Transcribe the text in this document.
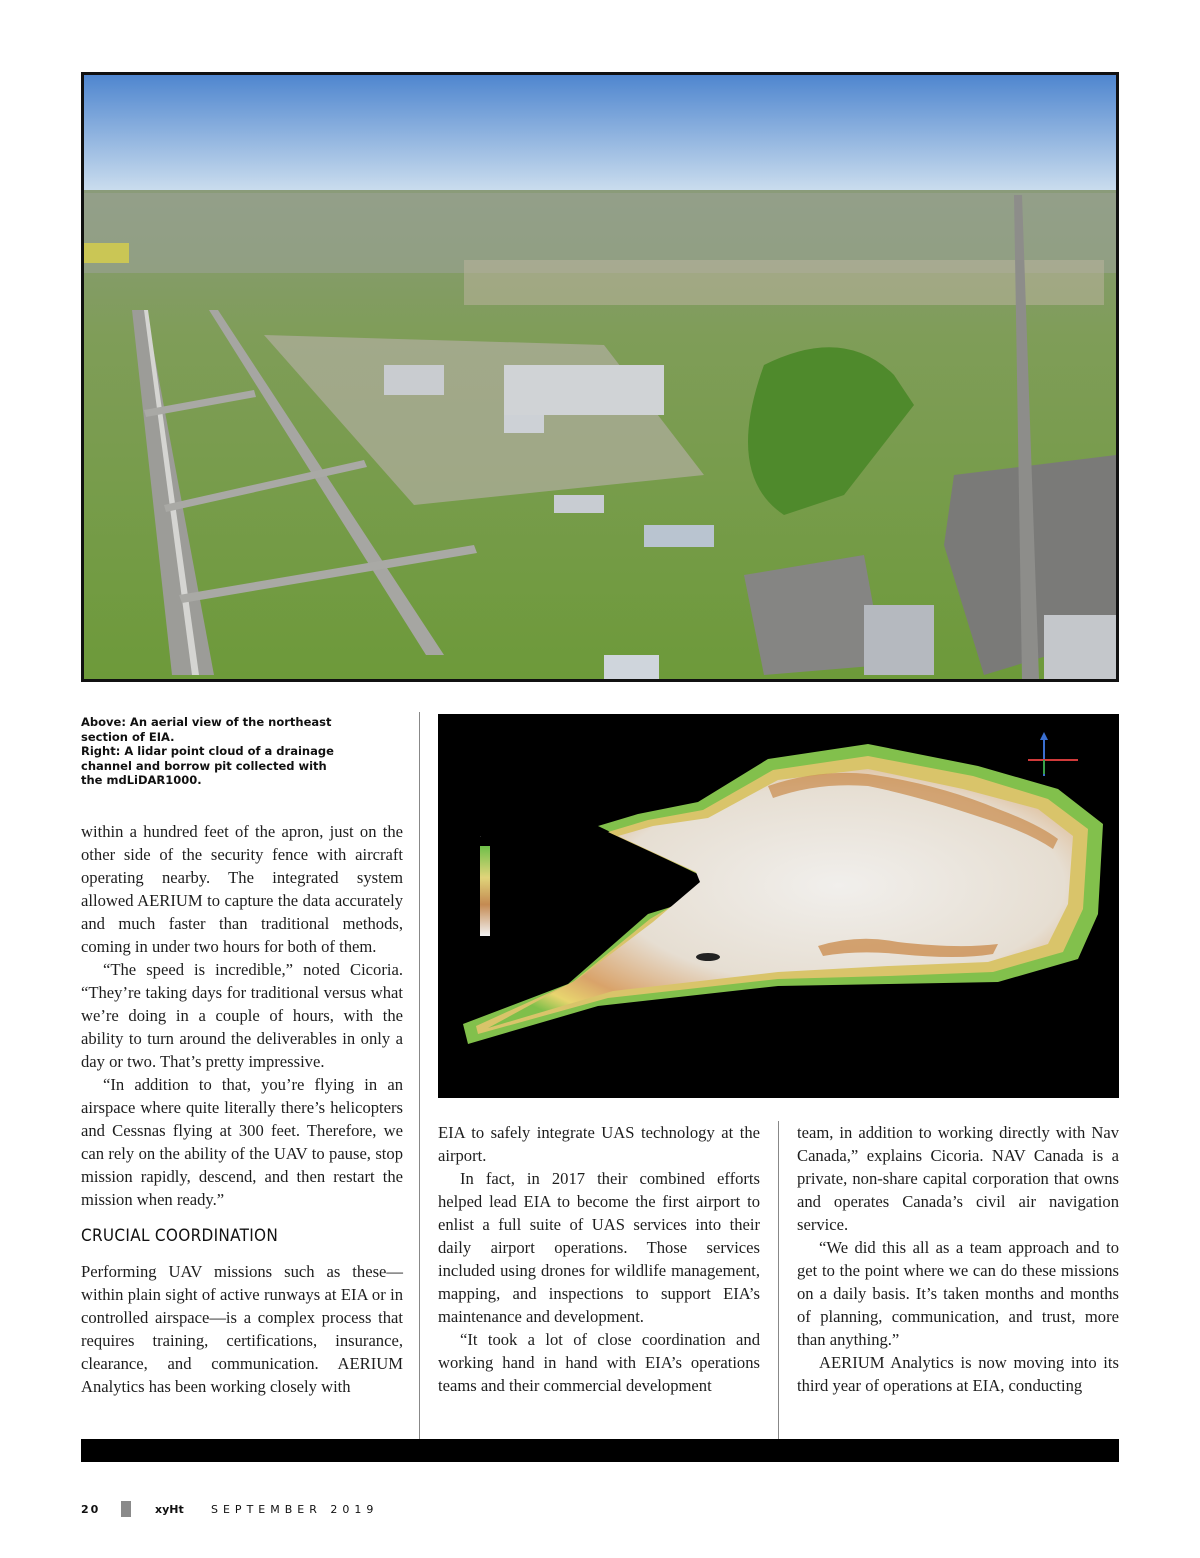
Above: An aerial view of the northeast section of EIA.
Right: A lidar point cloud of a drainage channel and borrow pit collected with the mdLiDAR1000.
·

within a hundred feet of the apron, just on the other side of the security fence with aircraft operating nearby. The integrated system allowed AERIUM to capture the data accurately and much faster than traditional methods, coming in under two hours for both of them.

“The speed is incredible,” noted Cicoria. “They’re taking days for traditional versus what we’re doing in a couple of hours, with the ability to turn around the deliverables in only a day or two. That’s pretty impressive.

“In addition to that, you’re flying in an airspace where quite literally there’s helicopters and Cessnas flying at 300 feet. Therefore, we can rely on the ability of the UAV to pause, stop mission rapidly, descend, and then restart the mission when ready.”

CRUCIAL COORDINATION

Performing UAV missions such as these—within plain sight of active runways at EIA or in controlled airspace—is a complex process that requires training, certifications, insurance, clearance, and communication. AERIUM Analytics has been working closely with

EIA to safely integrate UAS technology at the airport.

In fact, in 2017 their combined efforts helped lead EIA to become the first airport to enlist a full suite of UAS services into their daily airport operations. Those services included using drones for wildlife management, mapping, and inspections to support EIA’s maintenance and development.

“It took a lot of close coordination and working hand in hand with EIA’s operations teams and their commercial development

team, in addition to working directly with Nav Canada,” explains Cicoria. NAV Canada is a private, non-share capital corporation that owns and operates Canada’s civil air navigation service.

“We did this all as a team approach and to get to the point where we can do these missions on a daily basis. It’s taken months and months of planning, communication, and trust, more than anything.”

AERIUM Analytics is now moving into its third year of operations at EIA, conducting

20	xyHt SEPTEMBER 2019
